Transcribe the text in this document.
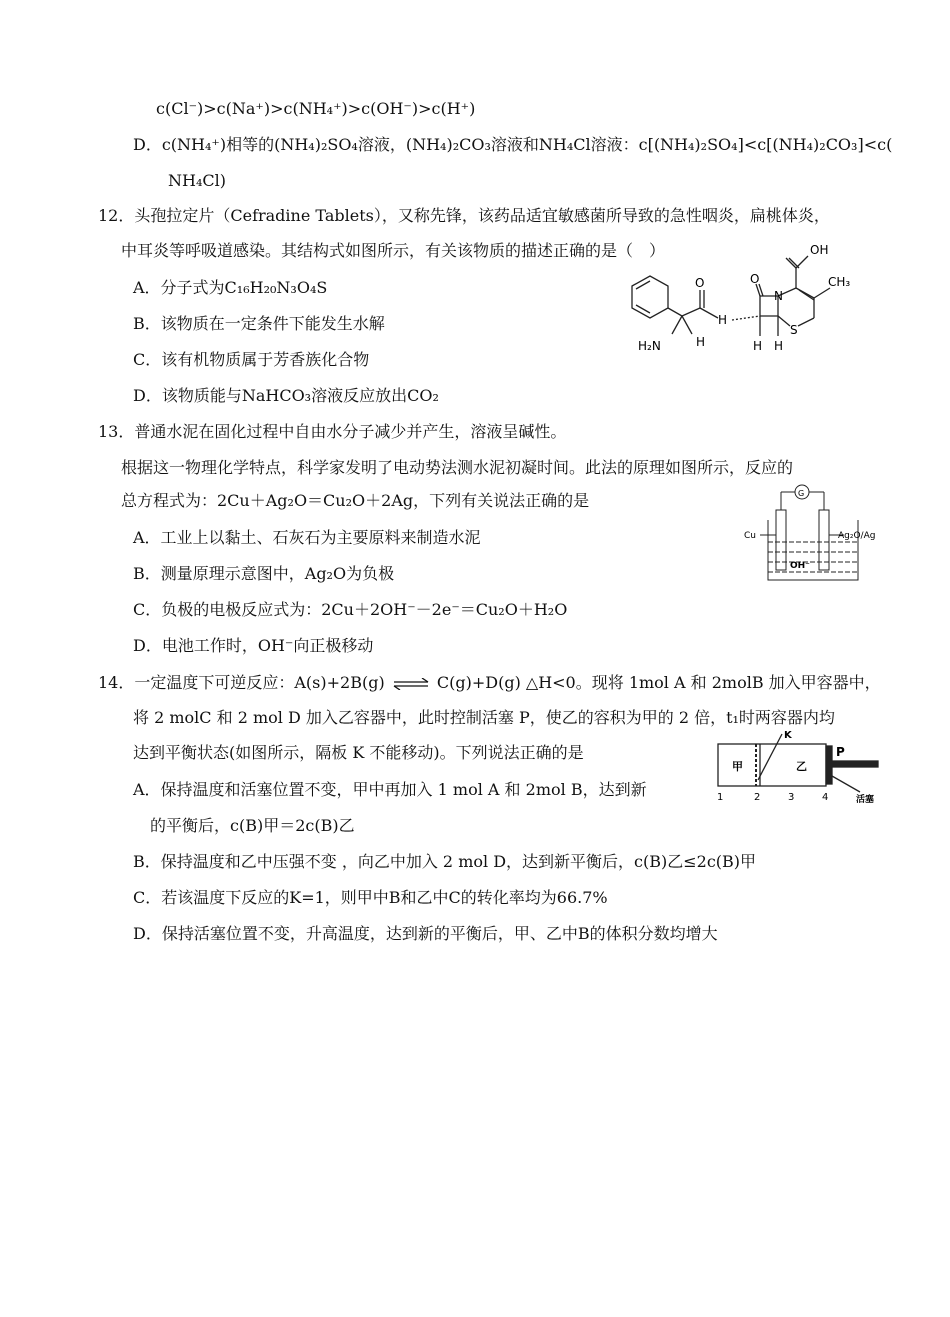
c(Cl⁻)>c(Na⁺)>c(NH₄⁺)>c(OH⁻)>c(H⁺)
D．c(NH₄⁺)相等的(NH₄)₂SO₄溶液，(NH₄)₂CO₃溶液和NH₄Cl溶液：c[(NH₄)₂SO₄]<c[(NH₄)₂CO₃]<c(
NH₄Cl)
12．头孢拉定片（Cefradine Tablets），又称先锋，该药品适宜敏感菌所导致的急性咽炎，扁桃体炎，
中耳炎等呼吸道感染。其结构式如图所示，有关该物质的描述正确的是（　）
A．分子式为C₁₆H₂₀N₃O₄S
B．该物质在一定条件下能发生水解
C．该有机物质属于芳香族化合物
D．该物质能与NaHCO₃溶液反应放出CO₂
OH
CH₃
O	O
N
S
H₂N	H
H
H H
13．普通水泥在固化过程中自由水分子减少并产生，溶液呈碱性。
根据这一物理化学特点，科学家发明了电动势法测水泥初凝时间。此法的原理如图所示，反应的
总方程式为：2Cu＋Ag₂O＝Cu₂O＋2Ag，下列有关说法正确的是
A．工业上以黏土、石灰石为主要原料来制造水泥
B．测量原理示意图中，Ag₂O为负极
C．负极的电极反应式为：2Cu＋2OH⁻－2e⁻＝Cu₂O＋H₂O
D．电池工作时，OH⁻向正极移动
G
Cu	Ag₂O/Ag
OH⁻
14．一定温度下可逆反应：A(s)+2B(g) ⇌ C(g)+D(g) △H<0。现将 1mol A 和 2molB 加入甲容器中，
将 2 molC 和 2 mol D 加入乙容器中，此时控制活塞 P，使乙的容积为甲的 2 倍，t₁时两容器内均
达到平衡状态(如图所示，隔板 K 不能移动)。下列说法正确的是
A．保持温度和活塞位置不变，甲中再加入 1 mol A 和 2mol B，达到新
的平衡后，c(B)甲＝2c(B)乙
B．保持温度和乙中压强不变 ，向乙中加入 2 mol D，达到新平衡后，c(B)乙≤2c(B)甲
C．若该温度下反应的K=1，则甲中B和乙中C的转化率均为66.7%
D．保持活塞位置不变，升高温度，达到新的平衡后，甲、乙中B的体积分数均增大
甲	乙
K
P
活塞
1	2	3	4
